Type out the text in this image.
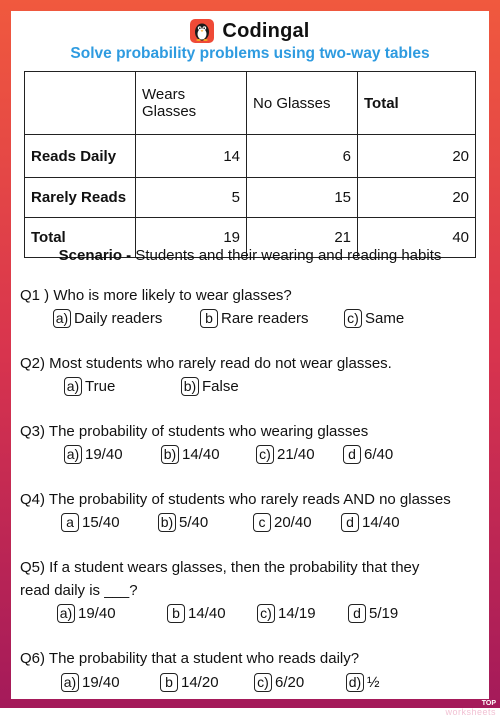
Codingal
Solve probability problems using two-way tables
	Wears Glasses	No Glasses	Total
Reads Daily	14	6	20
Rarely Reads	5	15	20
Total	19	21	40
Scenario - Students and their wearing and reading habits
Q1 ) Who is more likely to wear glasses?
a) Daily readers	b Rare readers	c) Same
Q2) Most students who rarely read do not wear glasses.
a) True	b) False
Q3) The probability of students who wearing glasses
a) 19/40	b) 14/40	c) 21/40	d 6/40
Q4) The probability of students who rarely reads AND no glasses
a 15/40	b) 5/40	c 20/40	d 14/40
Q5) If a student wears glasses, then the probability that they
read daily is ___?
a) 19/40	b 14/40 c) 14/19	d 5/19
Q6) The probability that a student who reads daily?
a) 19/40	b 14/20	c) 6/20	d) ½
TOP
worksheets
